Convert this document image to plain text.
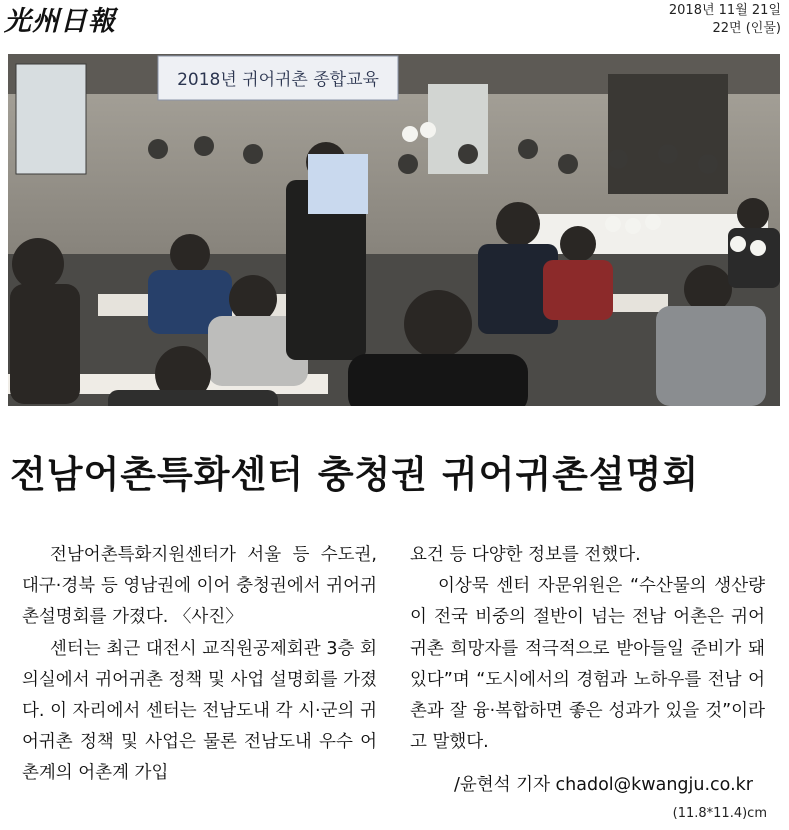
光州日報	2018년 11월 21일
22면 (인물)
2018년 귀어귀촌 종합교육
전남어촌특화센터 충청권 귀어귀촌설명회

전남어촌특화지원센터가 서울 등 수도권, 대구·경북 등 영남권에 이어 충청권에서 귀어귀촌설명회를 가졌다. 〈사진〉

센터는 최근 대전시 교직원공제회관 3층 회의실에서 귀어귀촌 정책 및 사업 설명회를 가졌다. 이 자리에서 센터는 전남도내 각 시·군의 귀어귀촌 정책 및 사업은 물론 전남도내 우수 어촌계의 어촌계 가입

요건 등 다양한 정보를 전했다.

이상묵 센터 자문위원은 “수산물의 생산량이 전국 비중의 절반이 넘는 전남 어촌은 귀어귀촌 희망자를 적극적으로 받아들일 준비가 돼 있다”며 “도시에서의 경험과 노하우를 전남 어촌과 잘 융·복합하면 좋은 성과가 있을 것”이라고 말했다.

/윤현석 기자 chadol@kwangju.co.kr
(11.8*11.4)cm
